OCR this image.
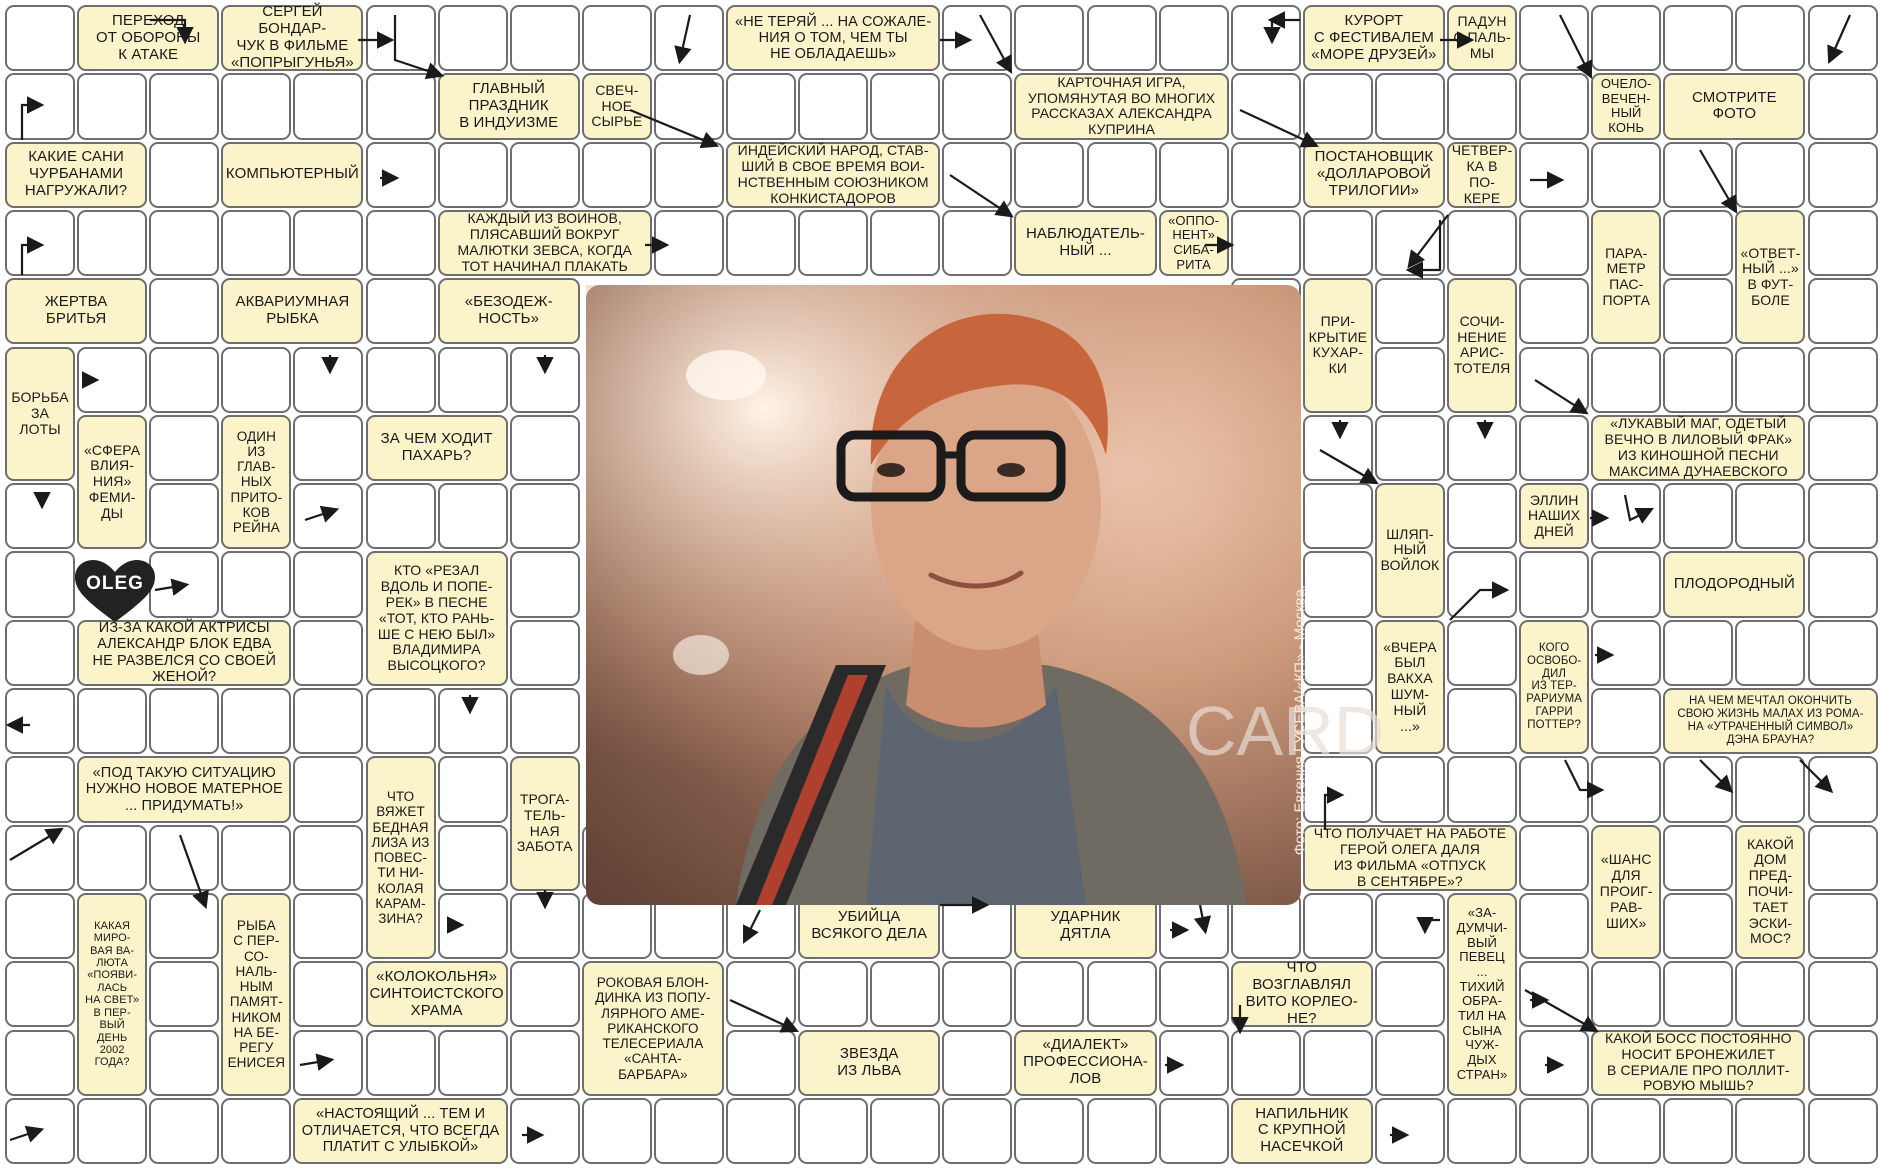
ПЕРЕХОД
ОТ ОБОРОНЫ
К АТАКЕ
СЕРГЕЙ БОНДАР-
ЧУК В ФИЛЬМЕ
«ПОПРЫГУНЬЯ»
«НЕ ТЕРЯЙ ... НА СОЖАЛЕ-
НИЯ О ТОМ, ЧЕМ ТЫ
НЕ ОБЛАДАЕШЬ»
КУРОРТ
С ФЕСТИВАЛЕМ
«МОРЕ ДРУЗЕЙ»
ПАДУН
С ПАЛЬ-
МЫ
ГЛАВНЫЙ
ПРАЗДНИК
В ИНДУИЗМЕ
СВЕЧ-
НОЕ
СЫРЬЕ
КАРТОЧНАЯ ИГРА,
УПОМЯНУТАЯ ВО МНОГИХ
РАССКАЗАХ АЛЕКСАНДРА
КУПРИНА
ОЧЕЛО-
ВЕЧЕН-
НЫЙ
КОНЬ
СМОТРИТЕ
ФОТО
КАКИЕ САНИ
ЧУРБАНАМИ
НАГРУЖАЛИ?
КОМПЬЮТЕРНЫЙ
ИНДЕЙСКИЙ НАРОД, СТАВ-
ШИЙ В СВОЕ ВРЕМЯ ВОИ-
НСТВЕННЫМ СОЮЗНИКОМ
КОНКИСТАДОРОВ
ПОСТАНОВЩИК
«ДОЛЛАРОВОЙ
ТРИЛОГИИ»
ЧЕТВЕР-
КА В ПО-
КЕРЕ
КАЖДЫЙ ИЗ ВОИНОВ,
ПЛЯСАВШИЙ ВОКРУГ
МАЛЮТКИ ЗЕВСА, КОГДА
ТОТ НАЧИНАЛ ПЛАКАТЬ
НАБЛЮДАТЕЛЬ-
НЫЙ ...
«ОППО-
НЕНТ»
СИБА-
РИТА
ПАРА-
МЕТР
ПАС-
ПОРТА
«ОТВЕТ-
НЫЙ ...»
В ФУТ-
БОЛЕ
ЖЕРТВА
БРИТЬЯ
АКВАРИУМНАЯ
РЫБКА
«БЕЗОДЕЖ-
НОСТЬ»	ПРИ-
КРЫТИЕ
КУХАР-
КИ
СОЧИ-
НЕНИЕ
АРИС-
ТОТЕЛЯ
БОРЬБА
ЗА
ЛОТЫ
«СФЕРА
ВЛИЯ-
НИЯ»
ФЕМИ-
ДЫ
ОДИН
ИЗ ГЛАВ-
НЫХ
ПРИТО-
КОВ
РЕЙНА
ЗА ЧЕМ ХОДИТ
ПАХАРЬ?
«ЛУКАВЫЙ МАГ, ОДЕТЫЙ
ВЕЧНО В ЛИЛОВЫЙ ФРАК»
ИЗ КИНОШНОЙ ПЕСНИ
МАКСИМА ДУНАЕВСКОГО
ЭЛЛИН
НАШИХ
ДНЕЙ
ШЛЯП-
НЫЙ
ВОЙЛОК
КТО «РЕЗАЛ
ВДОЛЬ И ПОПЕ-
РЕК» В ПЕСНЕ
«ТОТ, КТО РАНЬ-
ШЕ С НЕЮ БЫЛ»
ВЛАДИМИРА
ВЫСОЦКОГО?
ПЛОДОРОДНЫЙ
ИЗ-ЗА КАКОЙ АКТРИСЫ
АЛЕКСАНДР БЛОК ЕДВА
НЕ РАЗВЕЛСЯ СО СВОЕЙ
ЖЕНОЙ?
«ВЧЕРА
БЫЛ
ВАКХА
ШУМ-
НЫЙ
...»
КОГО
ОСВОБО-
ДИЛ
ИЗ ТЕР-
РАРИУМА
ГАРРИ
ПОТТЕР?
НА ЧЕМ МЕЧТАЛ ОКОНЧИТЬ
СВОЮ ЖИЗНЬ МАЛАХ ИЗ РОМА-
НА «УТРАЧЕННЫЙ СИМВОЛ»
ДЭНА БРАУНА?
«ПОД ТАКУЮ СИТУАЦИЮ
НУЖНО НОВОЕ МАТЕРНОЕ
... ПРИДУМАТЬ!»
ЧТО
ВЯЖЕТ
БЕДНАЯ
ЛИЗА ИЗ
ПОВЕС-
ТИ НИ-
КОЛАЯ
КАРАМ-
ЗИНА?
ТРОГА-
ТЕЛЬ-
НАЯ
ЗАБОТА
ЧТО ПОЛУЧАЕТ НА РАБОТЕ
ГЕРОЙ ОЛЕГА ДАЛЯ
ИЗ ФИЛЬМА «ОТПУСК
В СЕНТЯБРЕ»?
«ШАНС
ДЛЯ
ПРОИГ-
РАВ-
ШИХ»
КАКОЙ
ДОМ
ПРЕД-
ПОЧИ-
ТАЕТ
ЭСКИ-
МОС?
КАКАЯ
МИРО-
ВАЯ ВА-
ЛЮТА
«ПОЯВИ-
ЛАСЬ
НА СВЕТ»
В ПЕР-
ВЫЙ
ДЕНЬ
2002
ГОДА?
РЫБА
С ПЕР-
СО-
НАЛЬ-
НЫМ
ПАМЯТ-
НИКОМ
НА БЕ-
РЕГУ
ЕНИСЕЯ
УБИЙЦА
ВСЯКОГО ДЕЛА
УДАРНИК
ДЯТЛА
«ЗА-
ДУМЧИ-
ВЫЙ
ПЕВЕЦ
...
ТИХИЙ
ОБРА-
ТИЛ НА
СЫНА
ЧУЖ-
ДЫХ
СТРАН»
«КОЛОКОЛЬНЯ»
СИНТОИСТСКОГО
ХРАМА
РОКОВАЯ БЛОН-
ДИНКА ИЗ ПОПУ-
ЛЯРНОГО АМЕ-
РИКАНСКОГО
ТЕЛЕСЕРИАЛА
«САНТА-
БАРБАРА»
ЧТО ВОЗГЛАВЛЯЛ
ВИТО КОРЛЕО-
НЕ?
ЗВЕЗДА
ИЗ ЛЬВА
«ДИАЛЕКТ»
ПРОФЕССИОНА-
ЛОВ
КАКОЙ БОСС ПОСТОЯННО
НОСИТ БРОНЕЖИЛЕТ
В СЕРИАЛЕ ПРО ПОЛЛИТ-
РОВУЮ МЫШЬ?
«НАСТОЯЩИЙ ... ТЕМ И
ОТЛИЧАЕТСЯ, ЧТО ВСЕГДА
ПЛАТИТ С УЛЫБКОЙ»
НАПИЛЬНИК
С КРУПНОЙ
НАСЕЧКОЙ
CARD
Фото: Евгения ГУСЕВА/«КП» - Москва.
OLEG
